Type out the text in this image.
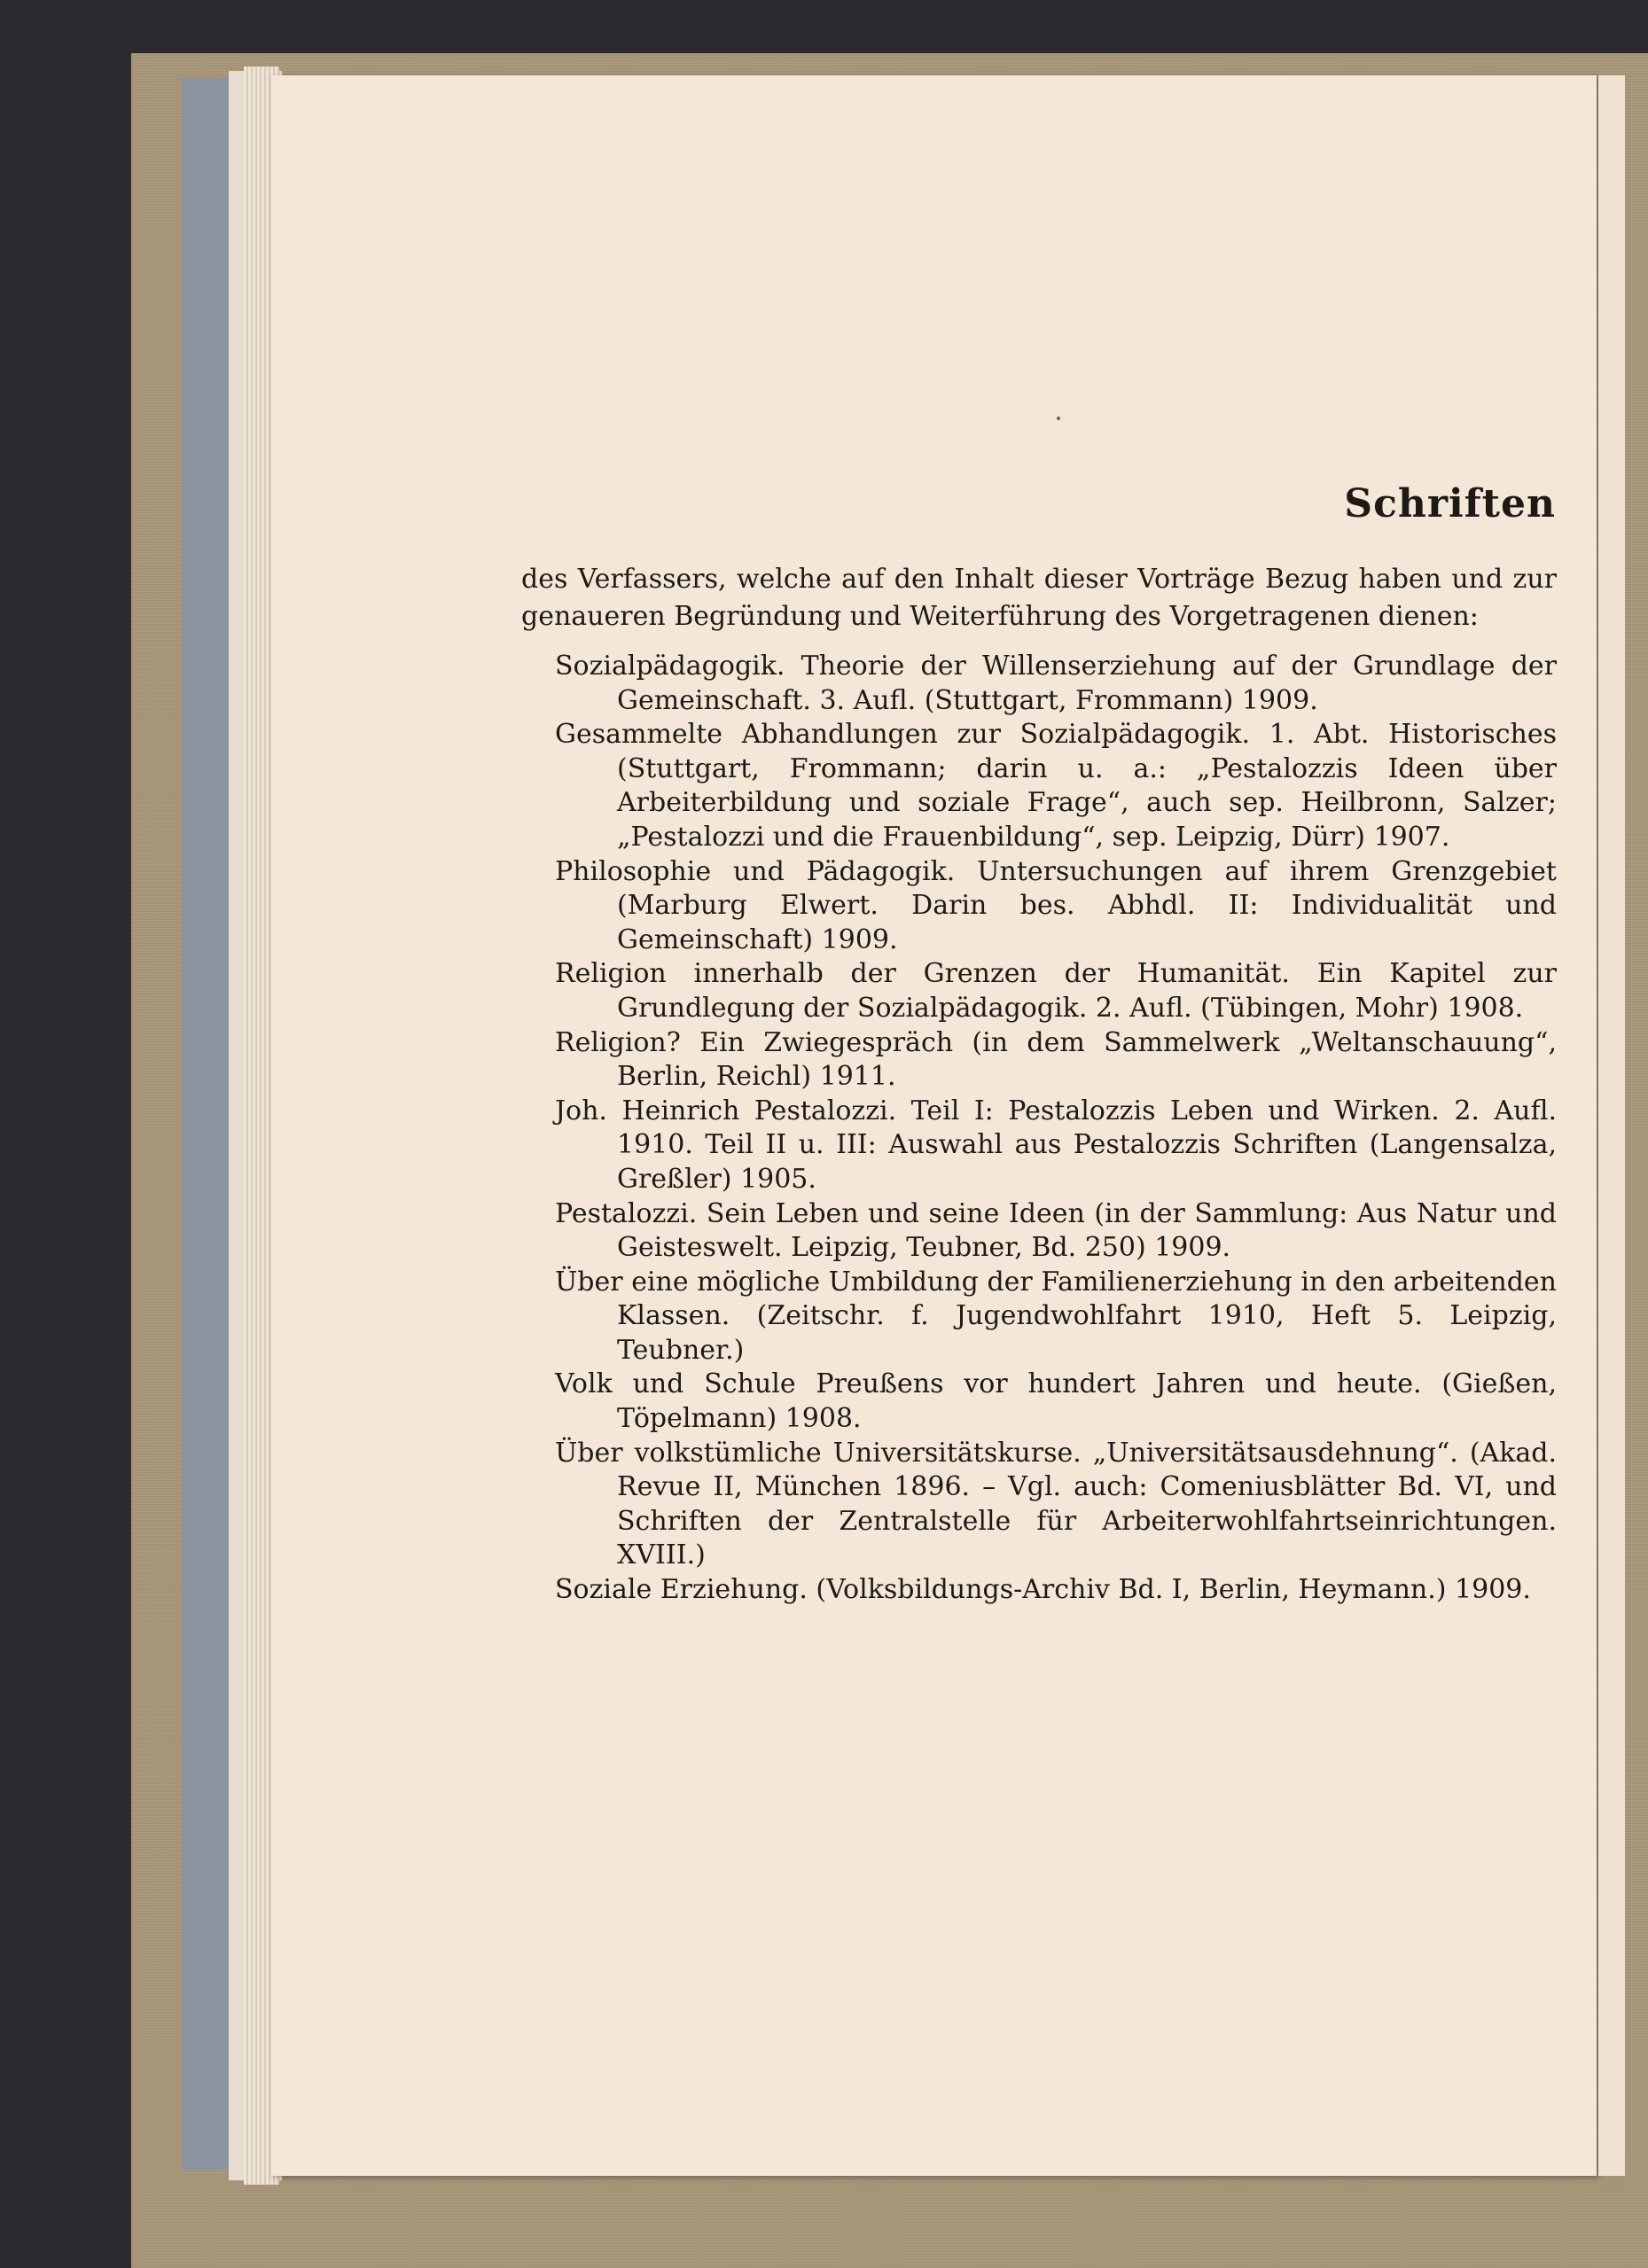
Schriften

des Verfassers, welche auf den Inhalt dieser Vorträge Bezug haben und zur genaueren Begründung und Weiterführung des Vorgetragenen dienen:

Sozialpädagogik. Theorie der Willenserziehung auf der Grundlage der Gemeinschaft. 3. Aufl. (Stuttgart, Frommann) 1909.
Gesammelte Abhandlungen zur Sozialpädagogik. 1. Abt. Historisches (Stuttgart, Frommann; darin u. a.: „Pestalozzis Ideen über Arbeiterbildung und soziale Frage“, auch sep. Heilbronn, Salzer; „Pestalozzi und die Frauenbildung“, sep. Leipzig, Dürr) 1907.
Philosophie und Pädagogik. Untersuchungen auf ihrem Grenzgebiet (Marburg Elwert. Darin bes. Abhdl. II: Individualität und Gemeinschaft) 1909.
Religion innerhalb der Grenzen der Humanität. Ein Kapitel zur Grundlegung der Sozialpädagogik. 2. Aufl. (Tübingen, Mohr) 1908.
Religion? Ein Zwiegespräch (in dem Sammelwerk „Weltanschauung“, Berlin, Reichl) 1911.
Joh. Heinrich Pestalozzi. Teil I: Pestalozzis Leben und Wirken. 2. Aufl. 1910. Teil II u. III: Auswahl aus Pestalozzis Schriften (Langensalza, Greßler) 1905.
Pestalozzi. Sein Leben und seine Ideen (in der Sammlung: Aus Natur und Geisteswelt. Leipzig, Teubner, Bd. 250) 1909.
Über eine mögliche Umbildung der Familienerziehung in den arbeitenden Klassen. (Zeitschr. f. Jugendwohlfahrt 1910, Heft 5. Leipzig, Teubner.)
Volk und Schule Preußens vor hundert Jahren und heute. (Gießen, Töpelmann) 1908.
Über volkstümliche Universitätskurse. „Universitätsausdehnung“. (Akad. Revue II, München 1896. – Vgl. auch: Comeniusblätter Bd. VI, und Schriften der Zentralstelle für Arbeiterwohlfahrtseinrichtungen. XVIII.)
Soziale Erziehung. (Volksbildungs-Archiv Bd. I, Berlin, Heymann.) 1909.
